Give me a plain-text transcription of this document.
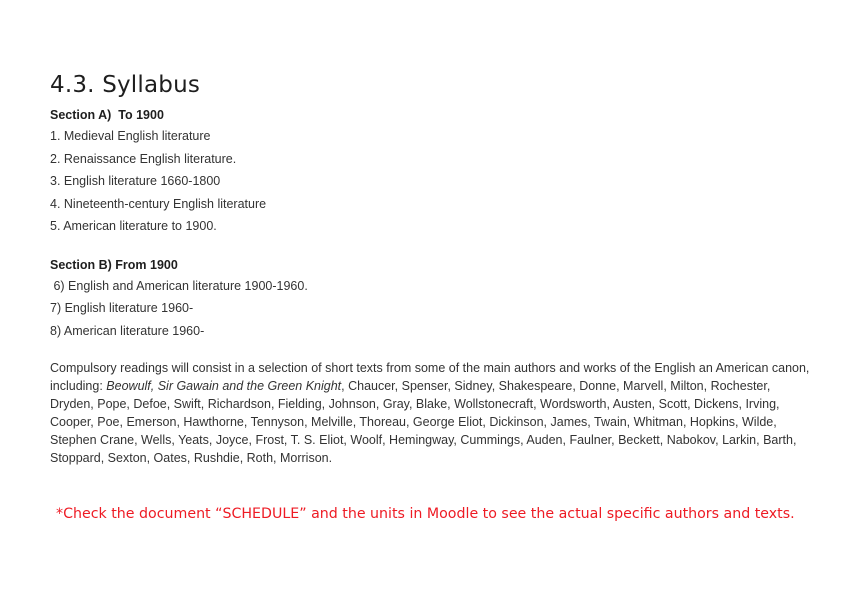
4.3. Syllabus

Section A)  To 1900

1. Medieval English literature
2. Renaissance English literature.
3. English literature 1660-1800
4. Nineteenth-century English literature
5. American literature to 1900.

Section B) From 1900

6) English and American literature 1900-1960.
7) English literature 1960-
8) American literature 1960-

Compulsory readings will consist in a selection of short texts from some of the main authors and works of the English an American canon, including: Beowulf, Sir Gawain and the Green Knight, Chaucer, Spenser, Sidney, Shakespeare, Donne, Marvell, Milton, Rochester, Dryden, Pope, Defoe, Swift, Richardson, Fielding, Johnson, Gray, Blake, Wollstonecraft, Wordsworth, Austen, Scott, Dickens, Irving, Cooper, Poe, Emerson, Hawthorne, Tennyson, Melville, Thoreau, George Eliot, Dickinson, James, Twain, Whitman, Hopkins, Wilde, Stephen Crane, Wells, Yeats, Joyce, Frost, T. S. Eliot, Woolf, Hemingway, Cummings, Auden, Faulner, Beckett, Nabokov, Larkin, Barth, Stoppard, Sexton, Oates, Rushdie, Roth, Morrison.

*Check the document “SCHEDULE” and the units in Moodle to see the actual specific authors and texts.
